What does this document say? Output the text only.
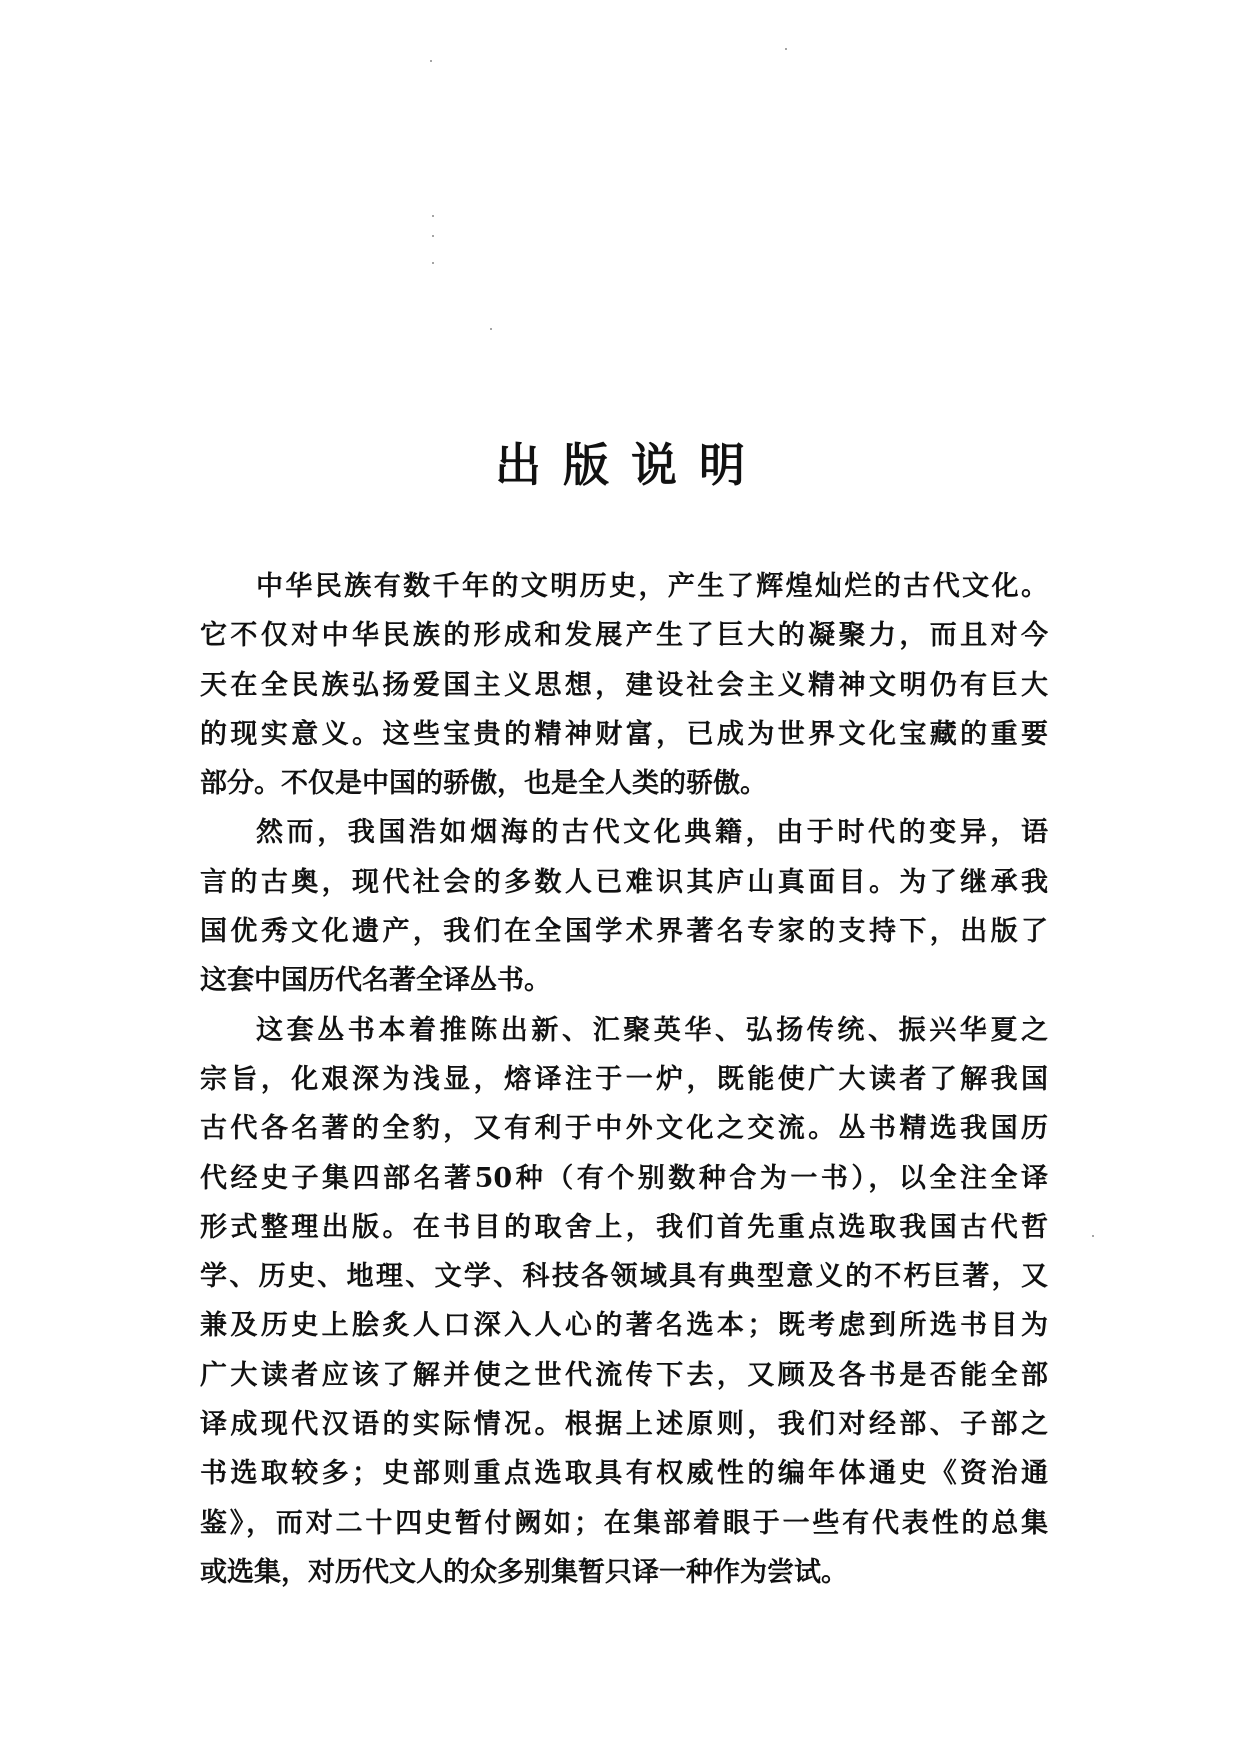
出版说明
中华民族有数千年的文明历史，产生了辉煌灿烂的古代文化。
它不仅对中华民族的形成和发展产生了巨大的凝聚力，而且对今
天在全民族弘扬爱国主义思想，建设社会主义精神文明仍有巨大
的现实意义。这些宝贵的精神财富，已成为世界文化宝藏的重要
部分。不仅是中国的骄傲，也是全人类的骄傲。
然而，我国浩如烟海的古代文化典籍，由于时代的变异，语
言的古奥，现代社会的多数人已难识其庐山真面目。为了继承我
国优秀文化遗产，我们在全国学术界著名专家的支持下，出版了
这套中国历代名著全译丛书。
这套丛书本着推陈出新、汇聚英华、弘扬传统、振兴华夏之
宗旨，化艰深为浅显，熔译注于一炉，既能使广大读者了解我国
古代各名著的全豹，又有利于中外文化之交流。丛书精选我国历
代经史子集四部名著50种（有个别数种合为一书），以全注全译
形式整理出版。在书目的取舍上，我们首先重点选取我国古代哲
学、历史、地理、文学、科技各领域具有典型意义的不朽巨著，又
兼及历史上脍炙人口深入人心的著名选本；既考虑到所选书目为
广大读者应该了解并使之世代流传下去，又顾及各书是否能全部
译成现代汉语的实际情况。根据上述原则，我们对经部、子部之
书选取较多；史部则重点选取具有权威性的编年体通史《资治通
鉴》，而对二十四史暂付阙如；在集部着眼于一些有代表性的总集
或选集，对历代文人的众多别集暂只译一种作为尝试。
